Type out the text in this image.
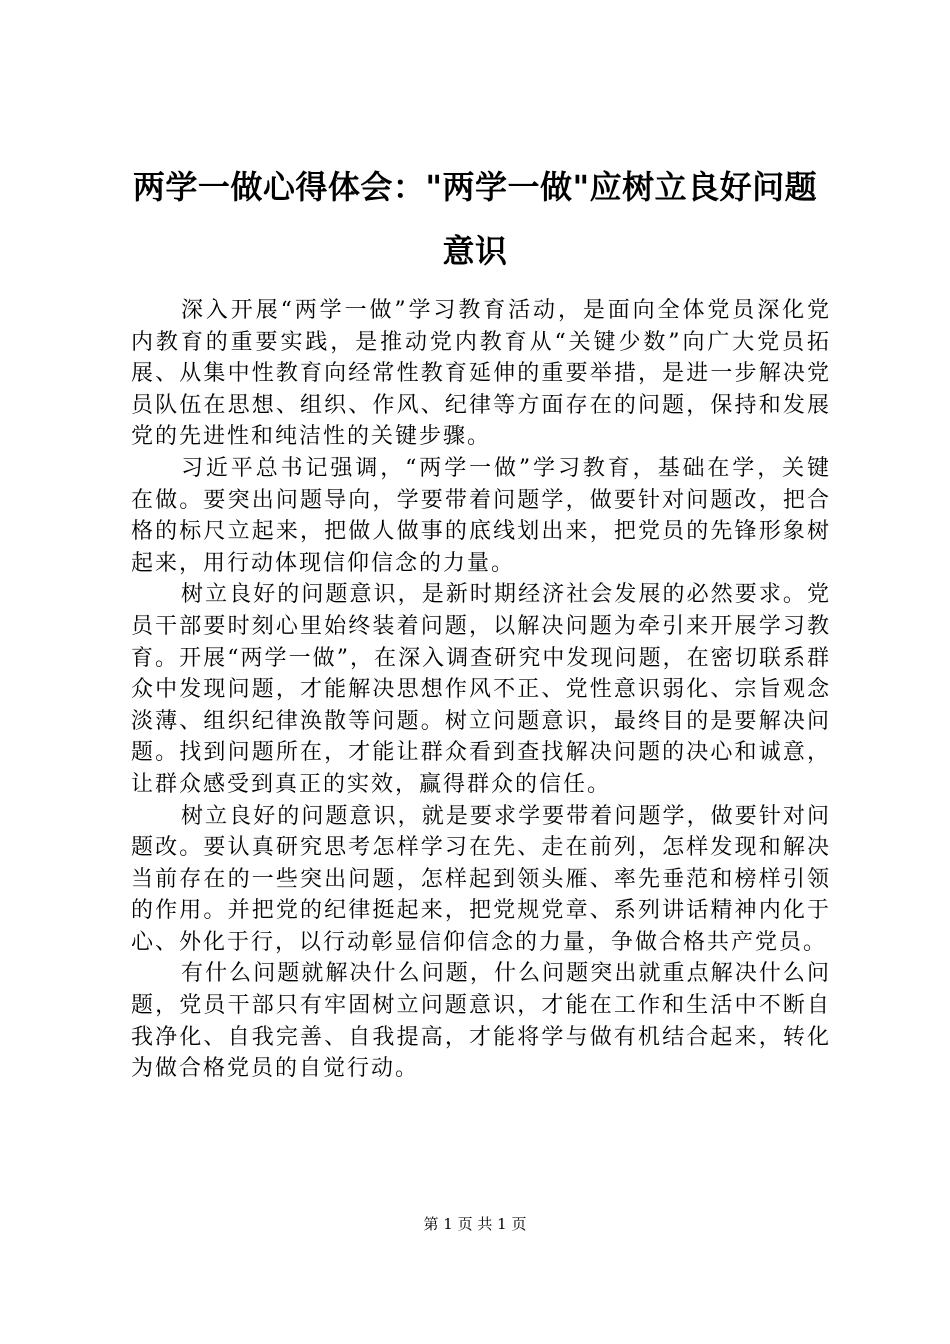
两学一做心得体会："两学一做"应树立良好问题意识

深入开展“两学一做”学习教育活动，是面向全体党员深化党内教育的重要实践，是推动党内教育从“关键少数”向广大党员拓展、从集中性教育向经常性教育延伸的重要举措，是进一步解决党员队伍在思想、组织、作风、纪律等方面存在的问题，保持和发展党的先进性和纯洁性的关键步骤。

习近平总书记强调，“两学一做”学习教育，基础在学，关键在做。要突出问题导向，学要带着问题学，做要针对问题改，把合格的标尺立起来，把做人做事的底线划出来，把党员的先锋形象树起来，用行动体现信仰信念的力量。

树立良好的问题意识，是新时期经济社会发展的必然要求。党员干部要时刻心里始终装着问题，以解决问题为牵引来开展学习教育。开展“两学一做”，在深入调查研究中发现问题，在密切联系群众中发现问题，才能解决思想作风不正、党性意识弱化、宗旨观念淡薄、组织纪律涣散等问题。树立问题意识，最终目的是要解决问题。找到问题所在，才能让群众看到查找解决问题的决心和诚意，让群众感受到真正的实效，赢得群众的信任。

树立良好的问题意识，就是要求学要带着问题学，做要针对问题改。要认真研究思考怎样学习在先、走在前列，怎样发现和解决当前存在的一些突出问题，怎样起到领头雁、率先垂范和榜样引领的作用。并把党的纪律挺起来，把党规党章、系列讲话精神内化于心、外化于行，以行动彰显信仰信念的力量，争做合格共产党员。

有什么问题就解决什么问题，什么问题突出就重点解决什么问题，党员干部只有牢固树立问题意识，才能在工作和生活中不断自我净化、自我完善、自我提高，才能将学与做有机结合起来，转化为做合格党员的自觉行动。

第 1 页 共 1 页
